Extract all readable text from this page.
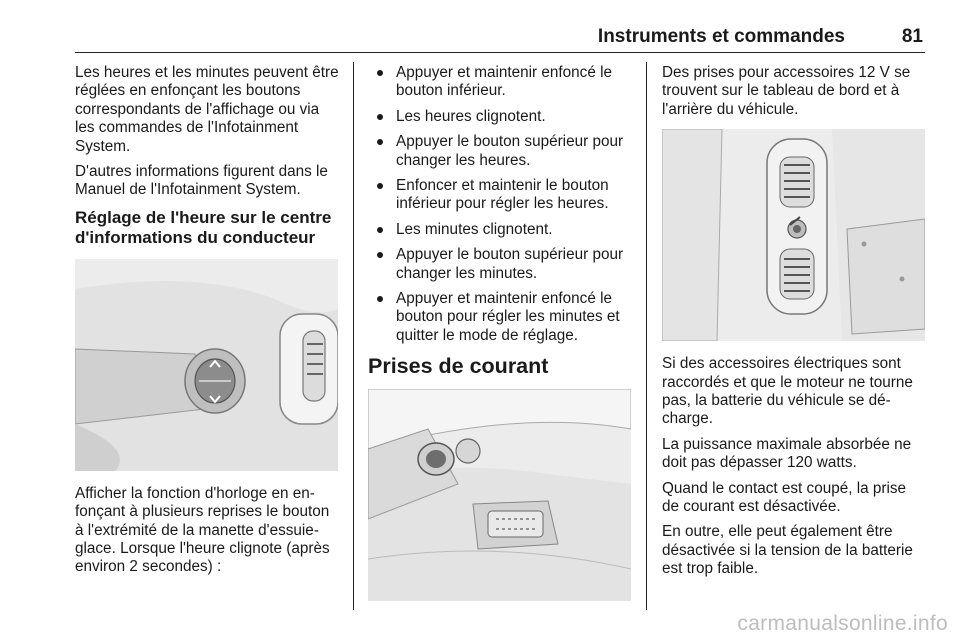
Instruments et commandes	81

Les heures et les minutes peuvent être réglées en enfonçant les boutons correspondants de l'affichage ou via les commandes de l'Infotainment System.

D'autres informations figurent dans le Manuel de l'Infotainment System.

Réglage de l'heure sur le centre d'informations du conducteur

Afficher la fonction d'horloge en en-fonçant à plusieurs reprises le bouton à l'extrémité de la manette d'essuie-glace. Lorsque l'heure clignote (après environ 2 secondes) :

Appuyer et maintenir enfoncé le bouton inférieur.
Les heures clignotent.
Appuyer le bouton supérieur pour changer les heures.
Enfoncer et maintenir le bouton inférieur pour régler les heures.
Les minutes clignotent.
Appuyer le bouton supérieur pour changer les minutes.
Appuyer et maintenir enfoncé le bouton pour régler les minutes et quitter le mode de réglage.
Prises de courant

Des prises pour accessoires 12 V se trouvent sur le tableau de bord et à l'arrière du véhicule.

Si des accessoires électriques sont raccordés et que le moteur ne tourne pas, la batterie du véhicule se dé-charge.

La puissance maximale absorbée ne doit pas dépasser 120 watts.

Quand le contact est coupé, la prise de courant est désactivée.

En outre, elle peut également être désactivée si la tension de la batterie est trop faible.

carmanualsonline.info
